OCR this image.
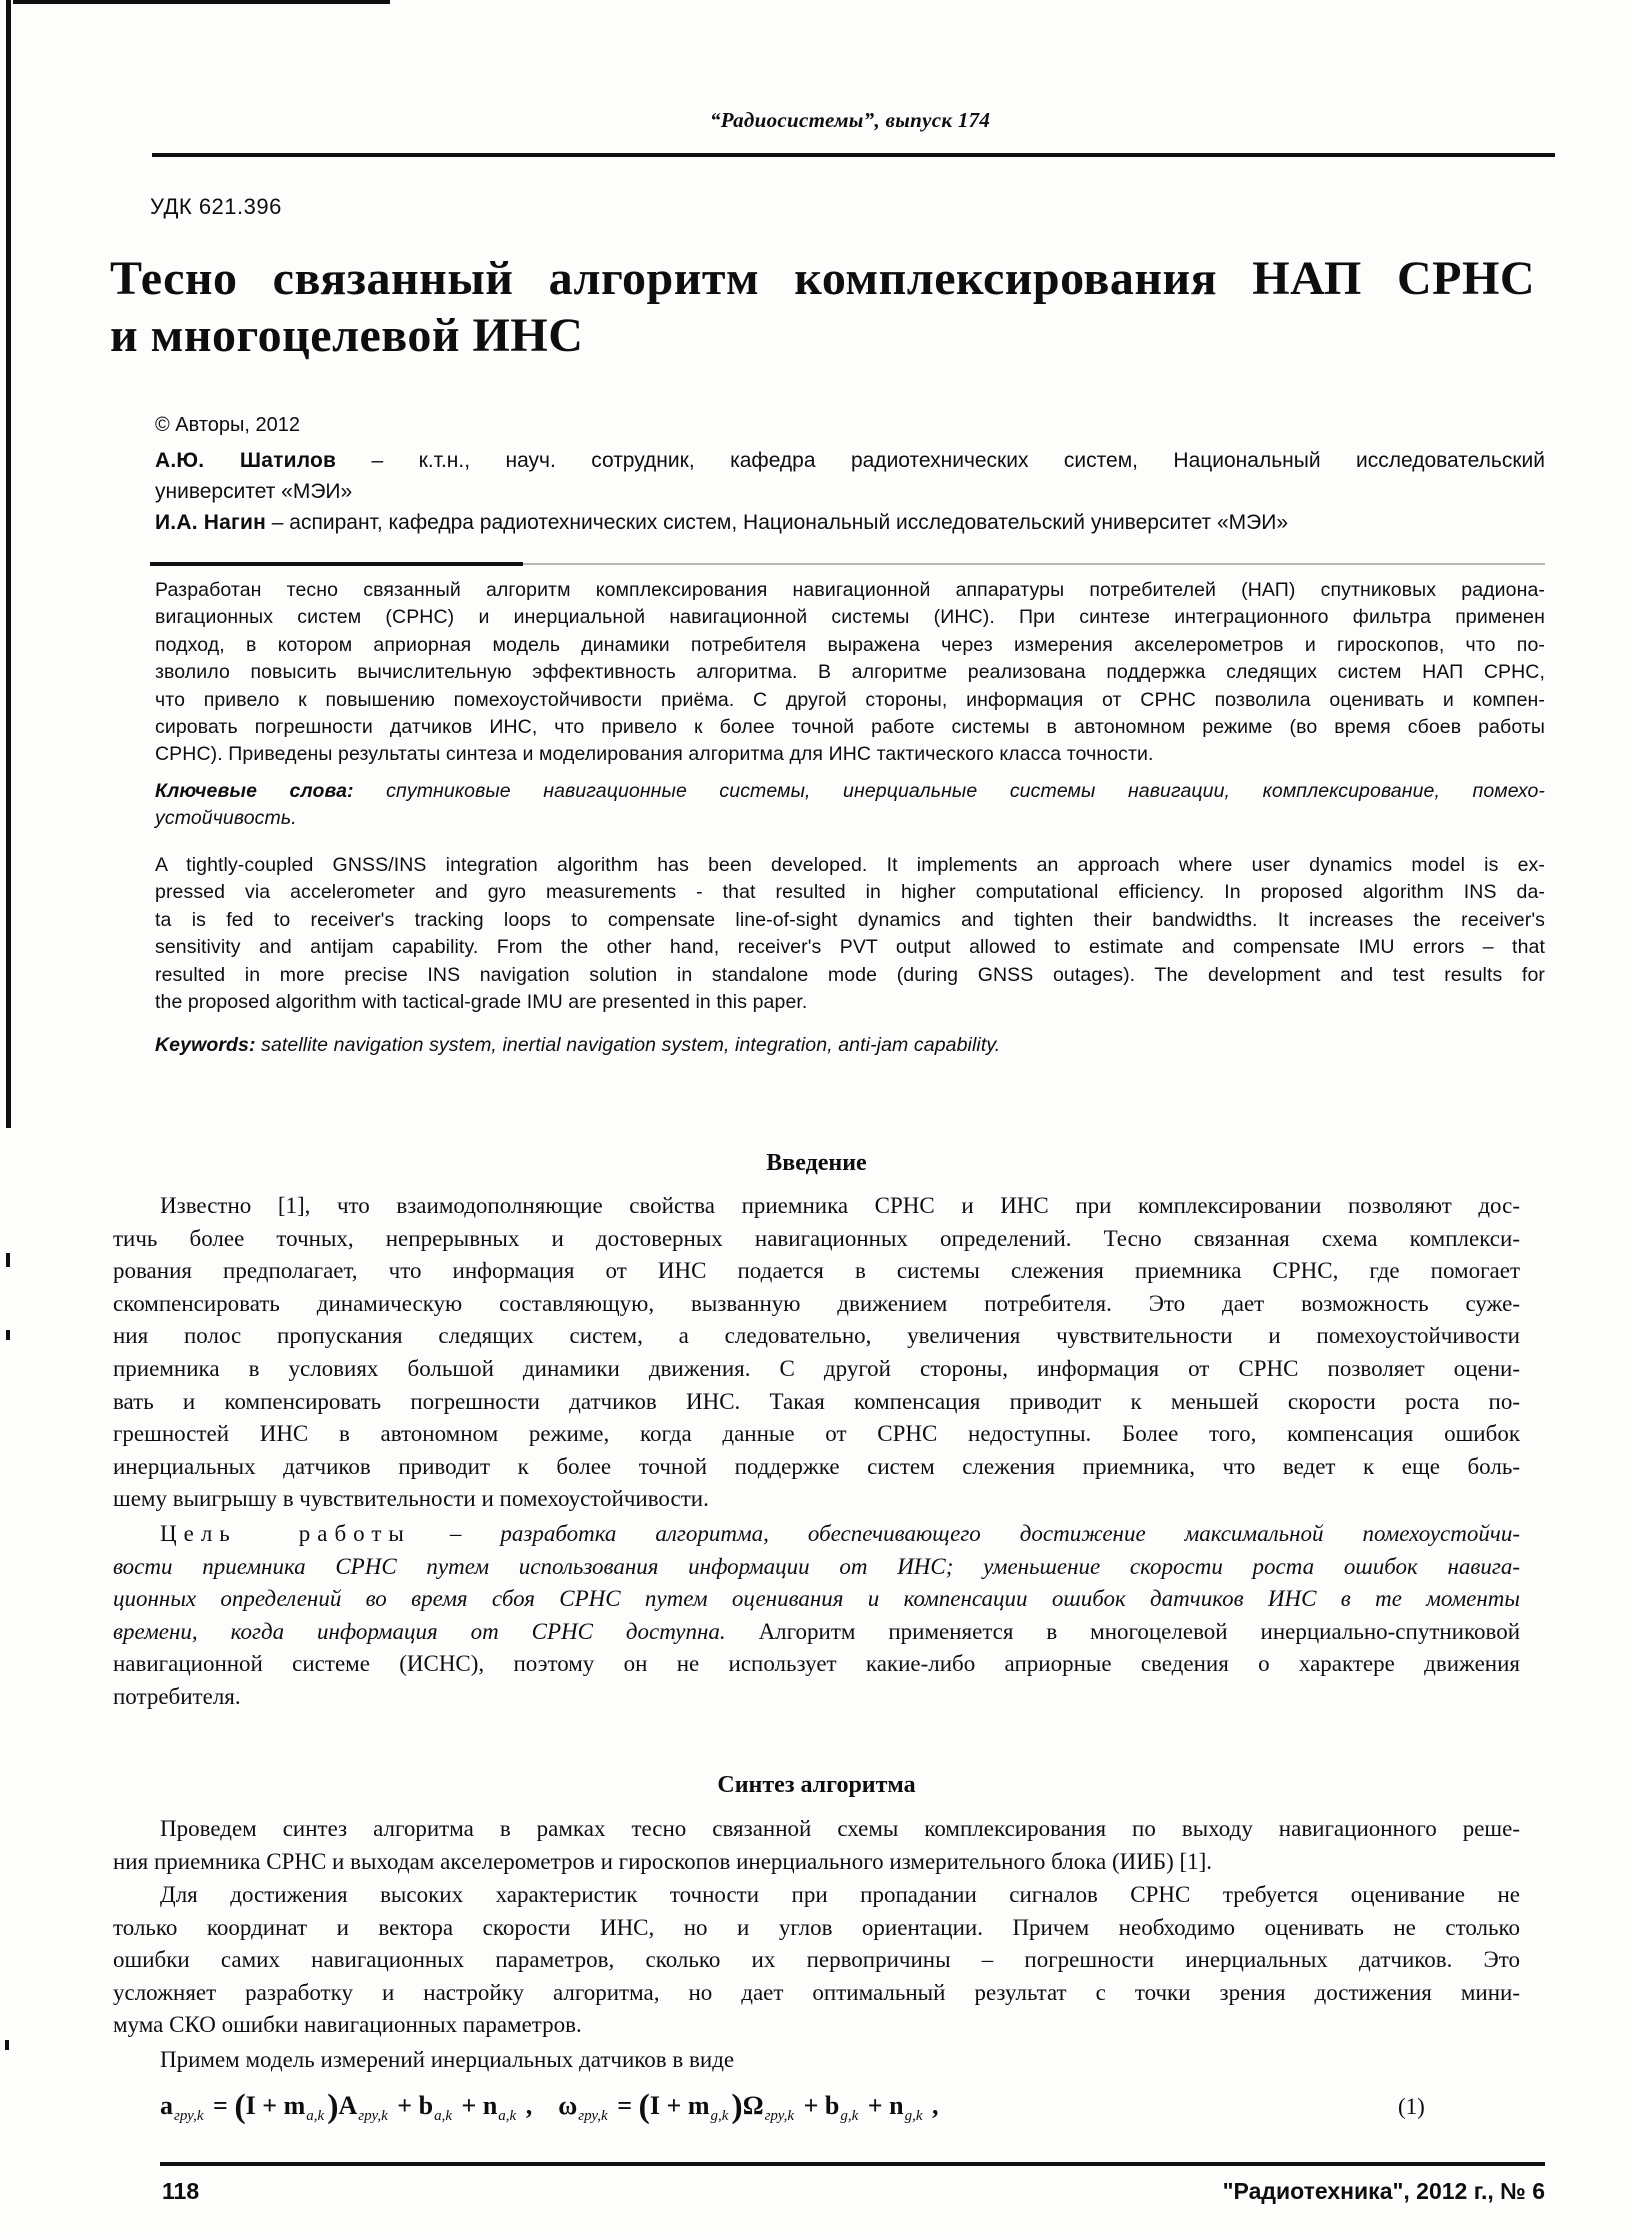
“Радиосистемы”, выпуск 174
УДК 621.396
Тесно связанный алгоритм комплексирования НАП СРНС
и многоцелевой ИНС
© Авторы, 2012
А.Ю. Шатилов – к.т.н., науч. сотрудник, кафедра радиотехнических систем, Национальный исследовательский
университет «МЭИ»
И.А. Нагин – аспирант, кафедра радиотехнических систем, Национальный исследовательский университет «МЭИ»
Разработан тесно связанный алгоритм комплексирования навигационной аппаратуры потребителей (НАП) спутниковых радиона-
вигационных систем (СРНС) и инерциальной навигационной системы (ИНС). При синтезе интеграционного фильтра применен
подход, в котором априорная модель динамики потребителя выражена через измерения акселерометров и гироскопов, что по-
зволило повысить вычислительную эффективность алгоритма. В алгоритме реализована поддержка следящих систем НАП СРНС,
что привело к повышению помехоустойчивости приёма. С другой стороны, информация от СРНС позволила оценивать и компен-
сировать погрешности датчиков ИНС, что привело к более точной работе системы в автономном режиме (во время сбоев работы
СРНС). Приведены результаты синтеза и моделирования алгоритма для ИНС тактического класса точности.
Ключевые слова: спутниковые навигационные системы, инерциальные системы навигации, комплексирование, помехо-
устойчивость.
A tightly-coupled GNSS/INS integration algorithm has been developed. It implements an approach where user dynamics model is ex-
pressed via accelerometer and gyro measurements - that resulted in higher computational efficiency. In proposed algorithm INS da-
ta is fed to receiver's tracking loops to compensate line-of-sight dynamics and tighten their bandwidths. It increases the receiver's
sensitivity and antijam capability. From the other hand, receiver's PVT output allowed to estimate and compensate IMU errors – that
resulted in more precise INS navigation solution in standalone mode (during GNSS outages). The development and test results for
the proposed algorithm with tactical-grade IMU are presented in this paper.
Keywords: satellite navigation system, inertial navigation system, integration, anti-jam capability.
Введение
Известно [1], что взаимодополняющие свойства приемника СРНС и ИНС при комплексировании позволяют дос-
тичь более точных, непрерывных и достоверных навигационных определений. Тесно связанная схема комплекси-
рования предполагает, что информация от ИНС подается в системы слежения приемника СРНС, где помогает
скомпенсировать динамическую составляющую, вызванную движением потребителя. Это дает возможность суже-
ния полос пропускания следящих систем, а следовательно, увеличения чувствительности и помехоустойчивости
приемника в условиях большой динамики движения. С другой стороны, информация от СРНС позволяет оцени-
вать и компенсировать погрешности датчиков ИНС. Такая компенсация приводит к меньшей скорости роста по-
грешностей ИНС в автономном режиме, когда данные от СРНС недоступны. Более того, компенсация ошибок
инерциальных датчиков приводит к более точной поддержке систем слежения приемника, что ведет к еще боль-
шему выигрышу в чувствительности и помехоустойчивости.
Цель работы – разработка алгоритма, обеспечивающего достижение максимальной помехоустойчи-
вости приемника СРНС путем использования информации от ИНС; уменьшение скорости роста ошибок навига-
ционных определений во время сбоя СРНС путем оценивания и компенсации ошибок датчиков ИНС в те моменты
времени, когда информация от СРНС доступна. Алгоритм применяется в многоцелевой инерциально-спутниковой
навигационной системе (ИСНС), поэтому он не использует какие-либо априорные сведения о характере движения
потребителя.
Синтез алгоритма
Проведем синтез алгоритма в рамках тесно связанной схемы комплексирования по выходу навигационного реше-
ния приемника СРНС и выходам акселерометров и гироскопов инерциального измерительного блока (ИИБ) [1].
Для достижения высоких характеристик точности при пропадании сигналов СРНС требуется оценивание не
только координат и вектора скорости ИНС, но и углов ориентации. Причем необходимо оценивать не столько
ошибки самих навигационных параметров, сколько их первопричины – погрешности инерциальных датчиков. Это
усложняет разработку и настройку алгоритма, но дает оптимальный результат с точки зрения достижения мини-
мума СКО ошибки навигационных параметров.
Примем модель измерений инерциальных датчиков в виде
$a_{гру,k} = (I + m_{a,k})A_{гру,k} + b_{a,k} + n_{a,k}$ ,    $\omega_{гру,k} = (I + m_{g,k})\Omega_{гру,k} + b_{g,k} + n_{g,k}$ ,	(1)
118	"Радиотехника", 2012 г., № 6
